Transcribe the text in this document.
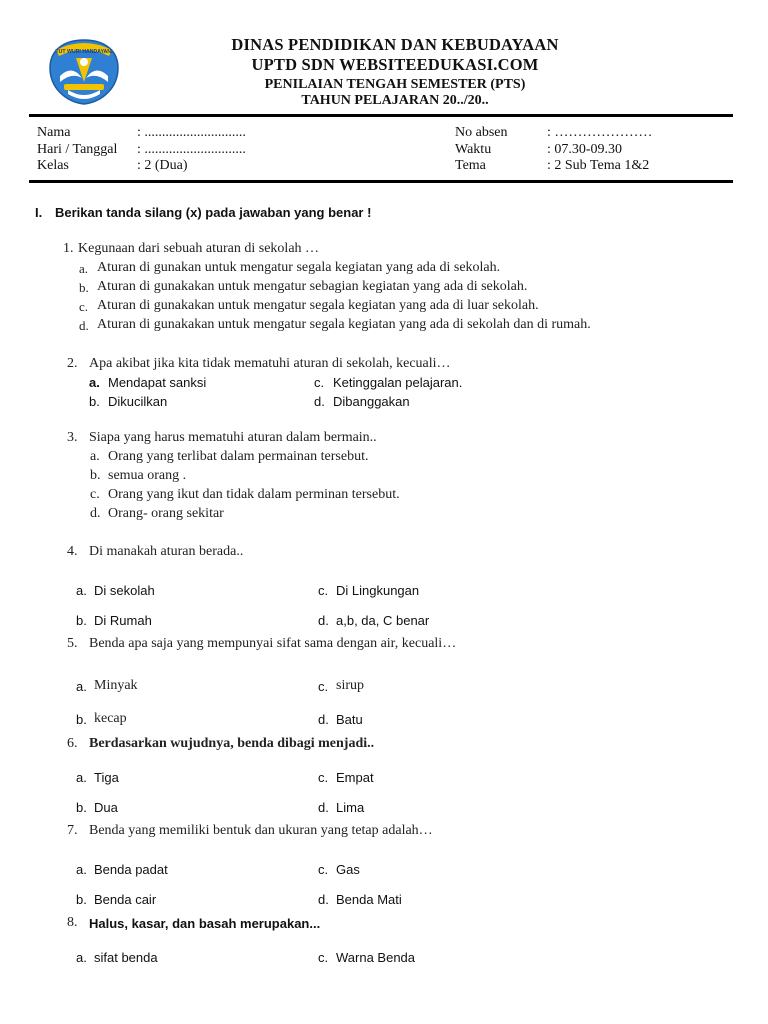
TUT WURI HANDAYANI	DINAS PENDIDIKAN DAN KEBUDAYAAN
UPTD SDN WEBSITEEDUKASI.COM
PENILAIAN TENGAH SEMESTER (PTS)
TAHUN PELAJARAN 20../20..
Nama	: .............................
Hari / Tanggal : .............................
Kelas	: 2 (Dua)
No absen	: …………………
Waktu	: 07.30-09.30
Tema	: 2 Sub Tema 1&2
I. Berikan tanda silang (x) pada jawaban yang benar !
1. Kegunaan dari sebuah aturan di sekolah …
a. Aturan di gunakan untuk mengatur segala kegiatan yang ada di sekolah.
b. Aturan di gunakakan untuk mengatur sebagian kegiatan yang ada di sekolah.
c. Aturan di gunakakan untuk mengatur segala kegiatan yang ada di luar sekolah.
d. Aturan di gunakakan untuk mengatur segala kegiatan yang ada di sekolah dan di rumah.
2. Apa akibat jika kita tidak mematuhi aturan di sekolah, kecuali…
a. Mendapat sanksi	c. Ketinggalan pelajaran.
b. Dikucilkan	d. Dibanggakan
3. Siapa yang harus mematuhi aturan dalam bermain..
a. Orang yang terlibat dalam permainan tersebut.
b. semua orang .
c. Orang yang ikut dan tidak dalam perminan tersebut.
d. Orang- orang sekitar
4. Di manakah aturan berada..
a. Di sekolah	c. Di Lingkungan
b. Di Rumah	d. a,b, da, C benar
5. Benda apa saja yang mempunyai sifat sama dengan air, kecuali…
a. Minyak	c. sirup
b. kecap	d. Batu
6. Berdasarkan wujudnya, benda dibagi menjadi..
a. Tiga	c. Empat
b. Dua	d. Lima
7. Benda yang memiliki bentuk dan ukuran yang tetap adalah…
a. Benda padat	c. Gas
b. Benda cair	d. Benda Mati
8. Halus, kasar, dan basah merupakan...
a. sifat benda	c. Warna Benda
